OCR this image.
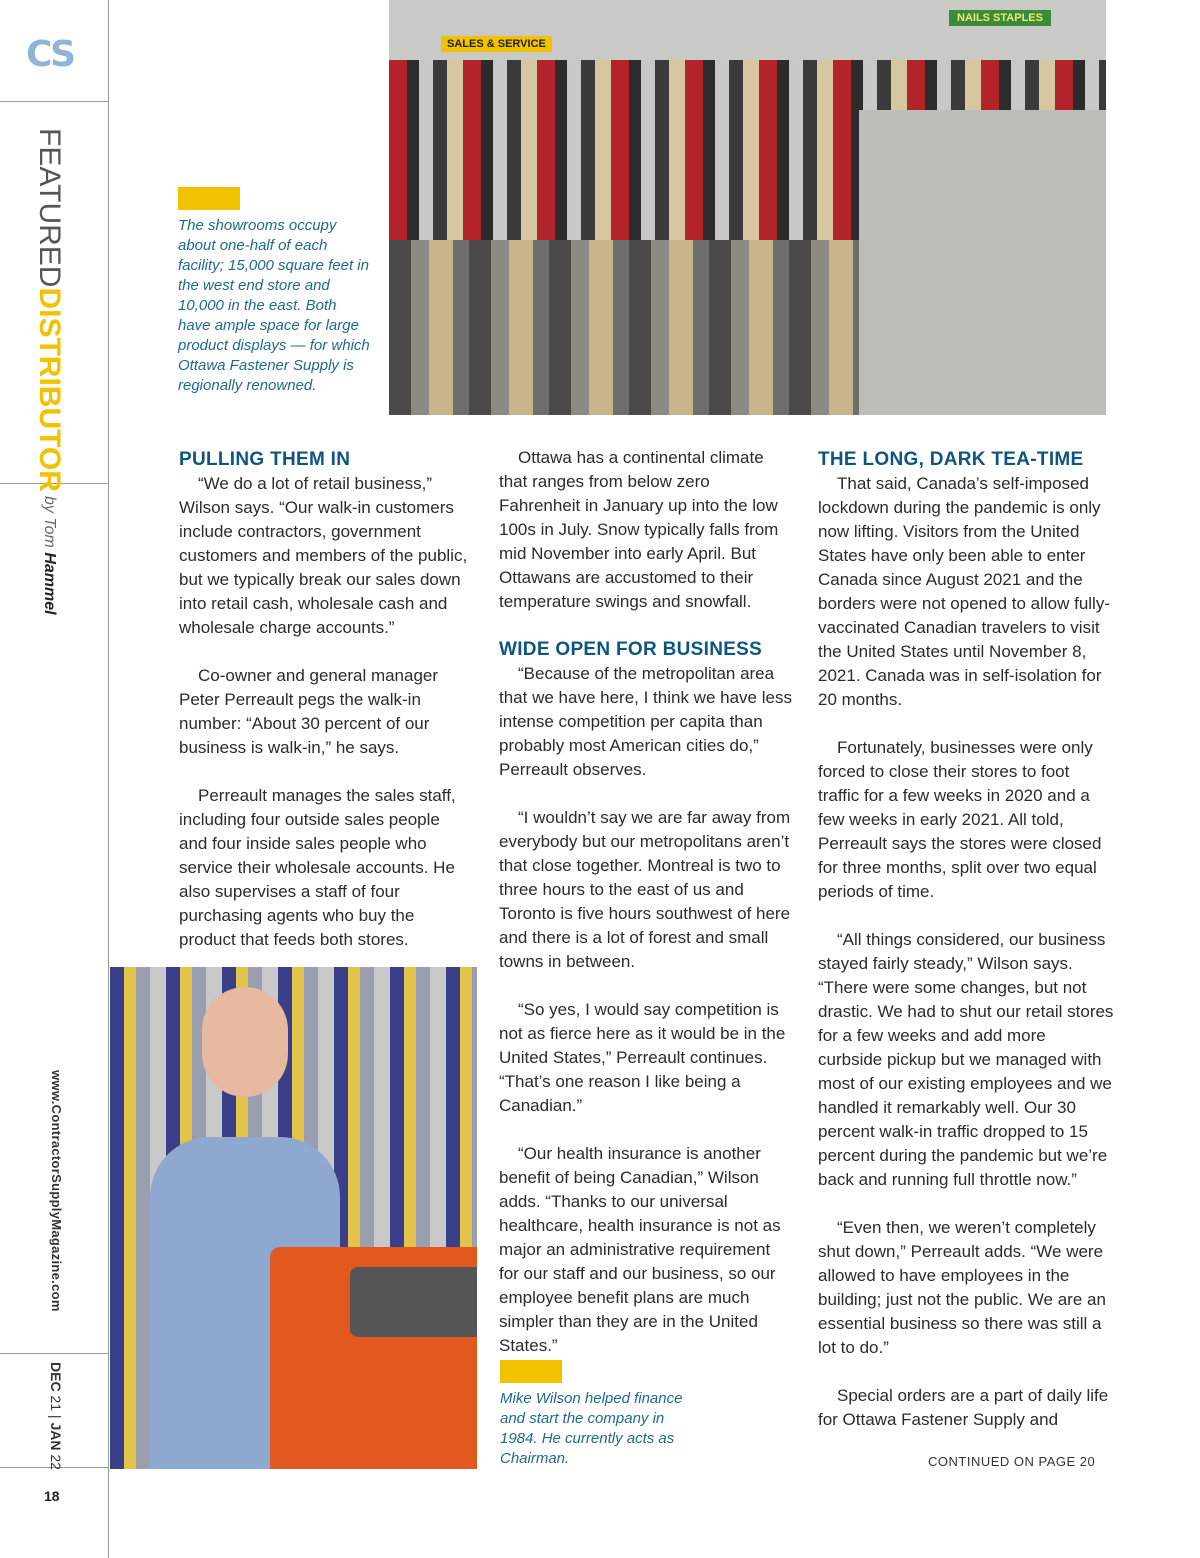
CS
FEATUREDDISTRIBUTOR
by Tom Hammel
www.ContractorSupplyMagazine.com
DEC 21 | JAN 22
18
NAILS STAPLES
SALES & SERVICE
The showrooms occupy about one-half of each facility; 15,000 square feet in the west end store and 10,000 in the east. Both have ample space for large product displays — for which Ottawa Fastener Supply is regionally renowned.
Mike Wilson helped finance and start the company in 1984. He currently acts as Chairman.
PULLING THEM IN

“We do a lot of retail business,” Wilson says. “Our walk-in customers include contractors, government customers and members of the public, but we typically break our sales down into retail cash, wholesale cash and wholesale charge accounts.”

Co-owner and general manager Peter Perreault pegs the walk-in number: “About 30 percent of our business is walk-in,” he says.

Perreault manages the sales staff, including four outside sales people and four inside sales people who service their wholesale accounts. He also supervises a staff of four purchasing agents who buy the product that feeds both stores.

Ottawa has a continental climate that ranges from below zero Fahrenheit in January up into the low 100s in July. Snow typically falls from mid November into early April. But Ottawans are accustomed to their temperature swings and snowfall.

WIDE OPEN FOR BUSINESS

“Because of the metropolitan area that we have here, I think we have less intense competition per capita than probably most American cities do,” Perreault observes.

“I wouldn’t say we are far away from everybody but our metropolitans aren’t that close together. Montreal is two to three hours to the east of us and Toronto is five hours southwest of here and there is a lot of forest and small towns in between.

“So yes, I would say competition is not as fierce here as it would be in the United States,” Perreault continues. “That’s one reason I like being a Canadian.”

“Our health insurance is another benefit of being Canadian,” Wilson adds. “Thanks to our universal healthcare, health insurance is not as major an administrative requirement for our staff and our business, so our employee benefit plans are much simpler than they are in the United States.”

THE LONG, DARK TEA-TIME

That said, Canada’s self-imposed lockdown during the pandemic is only now lifting. Visitors from the United States have only been able to enter Canada since August 2021 and the borders were not opened to allow fully-vaccinated Canadian travelers to visit the United States until November 8, 2021. Canada was in self-isolation for 20 months.

Fortunately, businesses were only forced to close their stores to foot traffic for a few weeks in 2020 and a few weeks in early 2021. All told, Perreault says the stores were closed for three months, split over two equal periods of time.

“All things considered, our business stayed fairly steady,” Wilson says. “There were some changes, but not drastic. We had to shut our retail stores for a few weeks and add more curbside pickup but we managed with most of our existing employees and we handled it remarkably well. Our 30 percent walk-in traffic dropped to 15 percent during the pandemic but we’re back and running full throttle now.”

“Even then, we weren’t completely shut down,” Perreault adds. “We were allowed to have employees in the building; just not the public. We are an essential business so there was still a lot to do.”

Special orders are a part of daily life for Ottawa Fastener Supply and

CONTINUED ON PAGE 20
